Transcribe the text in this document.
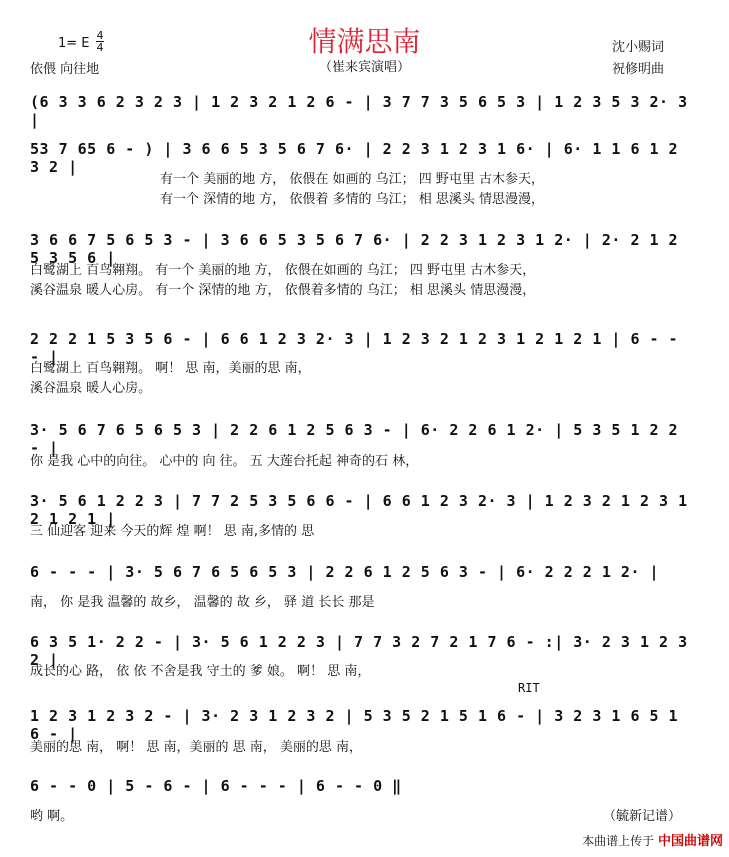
情满思南
（崔来宾演唱）
1= E
4
4
依偎 向往地
沈小赐词
祝修明曲
(6 3 3 6 2 3 2 3 | 1 2 3 2 1 2 6 - | 3 7 7 3 5 6 5 3 | 1 2 3 5 3 2· 3 |
53 7 65 6 - ) | 3 6 6 5 3 5 6 7 6· | 2 2 3 1 2 3 1 6· | 6· 1 1 6 1 2 3 2 |
有一个 美丽的地 方， 依偎在 如画的 乌江； 四 野屯里 古木参天，
有一个 深情的地 方， 依偎着 多情的 乌江； 相 思溪头 情思漫漫，
3 6 6 7 5 6 5 3 - | 3 6 6 5 3 5 6 7 6· | 2 2 3 1 2 3 1 2· | 2· 2 1 2 5 3 5 6 |
白鹭湖上 百鸟翱翔。 有一个 美丽的地 方， 依偎在如画的 乌江； 四 野屯里 古木参天，
溪谷温泉 暖人心房。 有一个 深情的地 方， 依偎着多情的 乌江； 相 思溪头 情思漫漫，
2 2 2 1 5 3 5 6 - | 6 6 1 2 3 2· 3 | 1 2 3 2 1 2 3 1 2 1 2 1 | 6 - - - |
白鹭湖上 百鸟翱翔。 啊！ 思 南，美丽的思 南，
溪谷温泉 暖人心房。
3· 5 6 7 6 5 6 5 3 | 2 2 6 1 2 5 6 3 - | 6· 2 2 6 1 2· | 5 3 5 1 2 2 - |
你 是我 心中的向往。 心中的 向 往。 五 大莲台托起 神奇的石 林，
3· 5 6 1 2 2 3 | 7 7 2 5 3 5 6 6 - | 6 6 1 2 3 2· 3 | 1 2 3 2 1 2 3 1 2 1 2 1 |
三 仙迎客 迎来 今天的辉 煌 啊！ 思 南,多情的 思
6 - - - | 3· 5 6 7 6 5 6 5 3 | 2 2 6 1 2 5 6 3 - | 6· 2 2 2 1 2· |
南， 你 是我 温馨的 故乡， 温馨的 故 乡， 驿 道 长长 那是
6 3 5 1· 2 2 - | 3· 5 6 1 2 2 3 | 7 7 3 2 7 2 1 7 6 - :| 3· 2 3 1 2 3 2 |
成长的心 路， 依 依 不舍是我 守土的 爹 娘。 啊！ 思 南，
RIT
1 2 3 1 2 3 2 - | 3· 2 3 1 2 3 2 | 5 3 5 2 1 5 1 6 - | 3 2 3 1 6 5 1 6 - |
美丽的思 南， 啊！ 思 南，美丽的 思 南， 美丽的思 南，
6 - - 0 | 5 - 6 - | 6 - - - | 6 - - 0 ‖
哟 啊。	（毓新记谱）
本曲谱上传于 中国曲谱网
